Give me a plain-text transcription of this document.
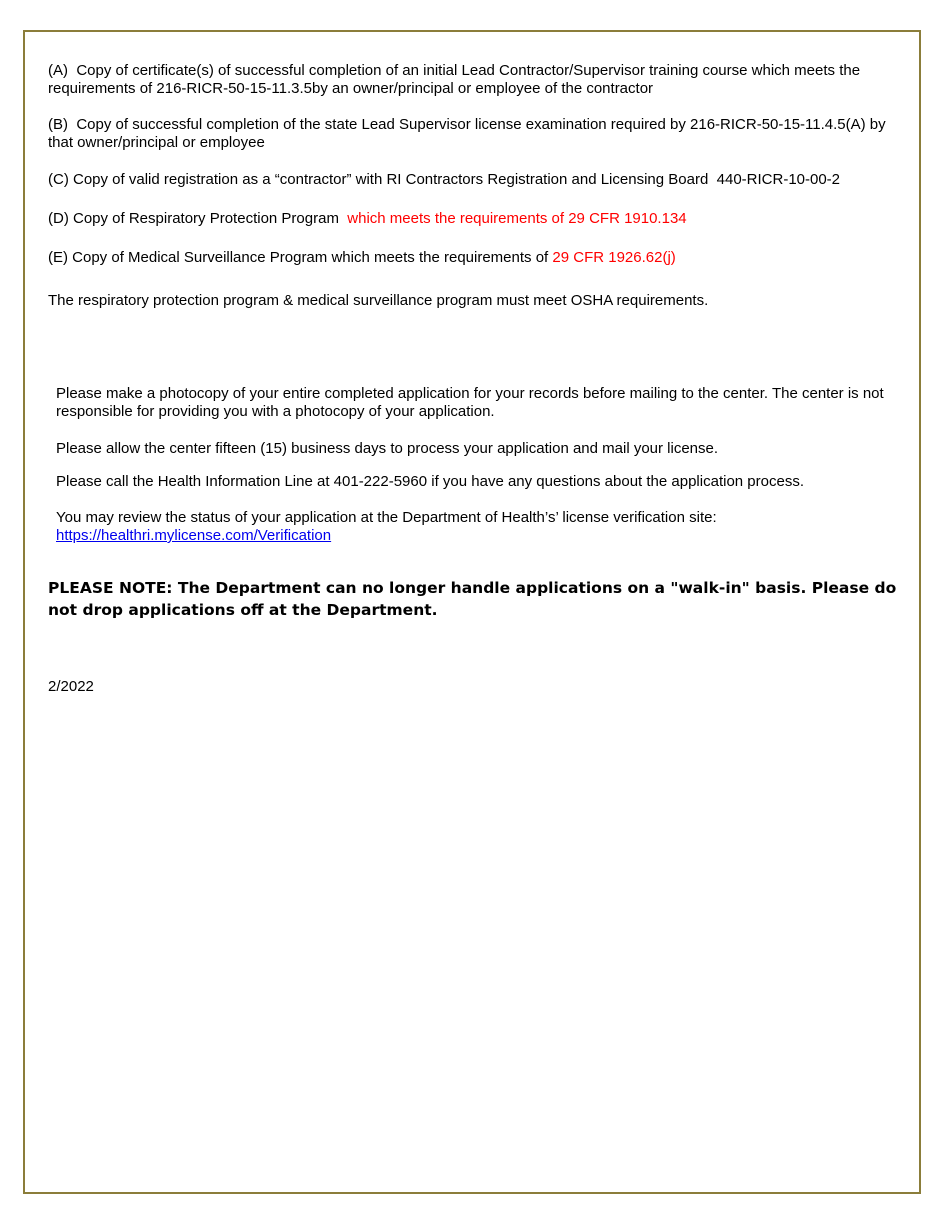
(A) Copy of certificate(s) of successful completion of an initial Lead Contractor/Supervisor training course which meets the requirements of 216-RICR-50-15-11.3.5by an owner/principal or employee of the contractor
(B) Copy of successful completion of the state Lead Supervisor license examination required by 216-RICR-50-15-11.4.5(A) by that owner/principal or employee
(C) Copy of valid registration as a “contractor” with RI Contractors Registration and Licensing Board 440-RICR-10-00-2
(D) Copy of Respiratory Protection Program which meets the requirements of 29 CFR 1910.134
(E) Copy of Medical Surveillance Program which meets the requirements of 29 CFR 1926.62(j)
The respiratory protection program & medical surveillance program must meet OSHA requirements.
Please make a photocopy of your entire completed application for your records before mailing to the center. The center is not responsible for providing you with a photocopy of your application.
Please allow the center fifteen (15) business days to process your application and mail your license.
Please call the Health Information Line at 401-222-5960 if you have any questions about the application process.
You may review the status of your application at the Department of Health’s’ license verification site:
https://healthri.mylicense.com/Verification
PLEASE NOTE: The Department can no longer handle applications on a "walk-in" basis. Please do not drop applications off at the Department.
2/2022
